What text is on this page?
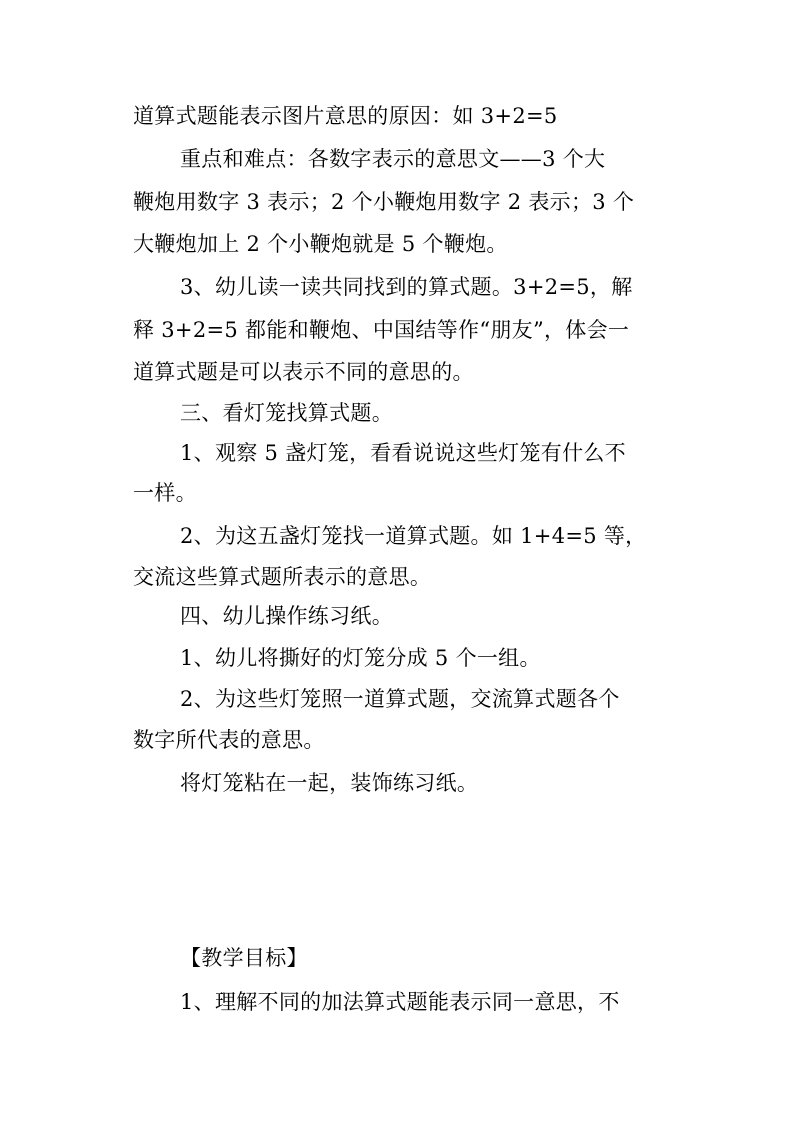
道算式题能表示图片意思的原因：如 3+2=5
重点和难点：各数字表示的意思文——3 个大
鞭炮用数字 3 表示；2 个小鞭炮用数字 2 表示；3 个
大鞭炮加上 2 个小鞭炮就是 5 个鞭炮。
3、幼儿读一读共同找到的算式题。3+2=5，解
释 3+2=5 都能和鞭炮、中国结等作“朋友”，体会一
道算式题是可以表示不同的意思的。
三、看灯笼找算式题。
1、观察 5 盏灯笼，看看说说这些灯笼有什么不
一样。
2、为这五盏灯笼找一道算式题。如 1+4=5 等，
交流这些算式题所表示的意思。
四、幼儿操作练习纸。
1、幼儿将撕好的灯笼分成 5 个一组。
2、为这些灯笼照一道算式题，交流算式题各个
数字所代表的意思。
将灯笼粘在一起，装饰练习纸。
【教学目标】
1、理解不同的加法算式题能表示同一意思，不
